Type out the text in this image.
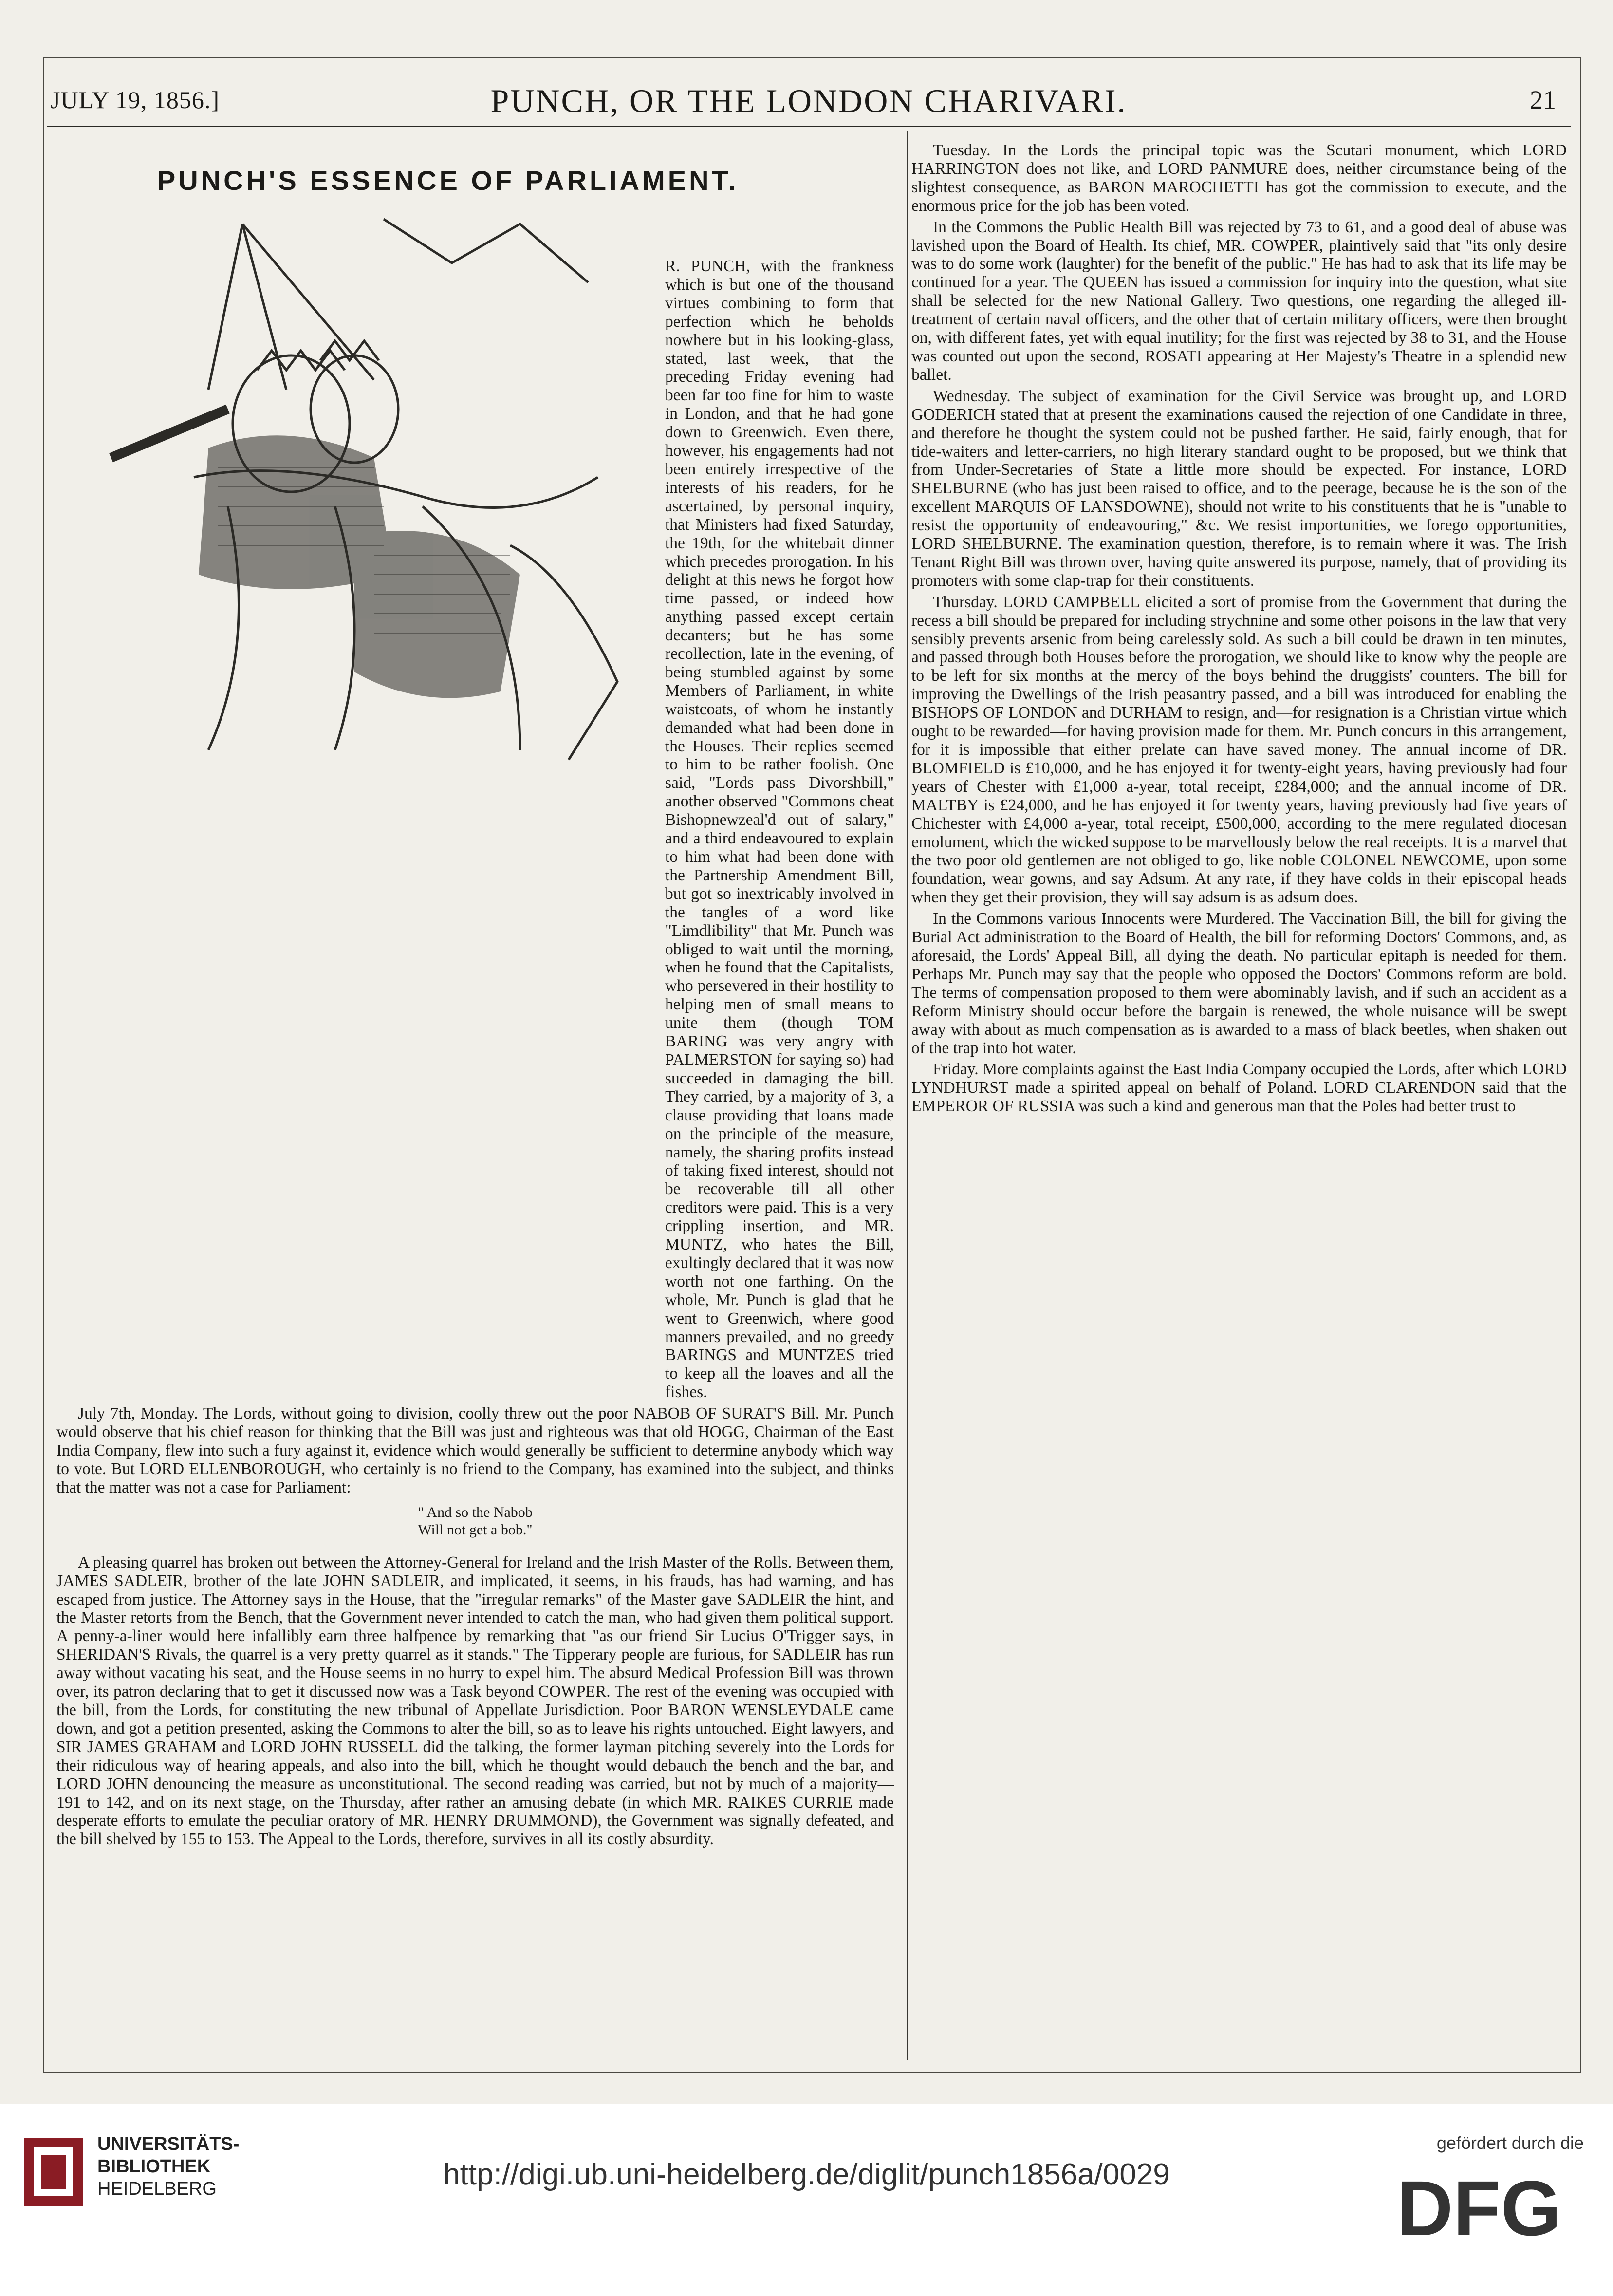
JULY 19, 1856.]	PUNCH, OR THE LONDON CHARIVARI.	21
PUNCH'S ESSENCE OF PARLIAMENT.

R. PUNCH, with the frankness which is but one of the thousand virtues combining to form that perfection which he beholds nowhere but in his looking-glass, stated, last week, that the preceding Friday evening had been far too fine for him to waste in London, and that he had gone down to Greenwich. Even there, however, his engagements had not been entirely irrespective of the interests of his readers, for he ascertained, by personal inquiry, that Ministers had fixed Saturday, the 19th, for the whitebait dinner which precedes prorogation. In his delight at this news he forgot how time passed, or indeed how anything passed except certain decanters; but he has some recollection, late in the evening, of being stumbled against by some Members of Parliament, in white waistcoats, of whom he instantly demanded what had been done in the Houses. Their replies seemed to him to be rather foolish. One said, "Lords pass Divorshbill," another observed "Commons cheat Bishopnewzeal'd out of salary," and a third endeavoured to explain to him what had been done with the Partnership Amendment Bill, but got so inextricably involved in the tangles of a word like "Limdlibility" that Mr. Punch was obliged to wait until the morning, when he found that the Capitalists, who persevered in their hostility to helping men of small means to unite them (though TOM BARING was very angry with PALMERSTON for saying so) had succeeded in damaging the bill. They carried, by a majority of 3, a clause providing that loans made on the principle of the measure, namely, the sharing profits instead of taking fixed interest, should not be recoverable till all other creditors were paid. This is a very crippling insertion, and MR. MUNTZ, who hates the Bill, exultingly declared that it was now worth not one farthing. On the whole, Mr. Punch is glad that he went to Greenwich, where good manners prevailed, and no greedy BARINGS and MUNTZES tried to keep all the loaves and all the fishes.

July 7th, Monday. The Lords, without going to division, coolly threw out the poor NABOB OF SURAT'S Bill. Mr. Punch would observe that his chief reason for thinking that the Bill was just and righteous was that old HOGG, Chairman of the East India Company, flew into such a fury against it, evidence which would generally be sufficient to determine anybody which way to vote. But LORD ELLENBOROUGH, who certainly is no friend to the Company, has examined into the subject, and thinks that the matter was not a case for Parliament:

" And so the Nabob
Will not get a bob."

A pleasing quarrel has broken out between the Attorney-General for Ireland and the Irish Master of the Rolls. Between them, JAMES SADLEIR, brother of the late JOHN SADLEIR, and implicated, it seems, in his frauds, has had warning, and has escaped from justice. The Attorney says in the House, that the "irregular remarks" of the Master gave SADLEIR the hint, and the Master retorts from the Bench, that the Government never intended to catch the man, who had given them political support. A penny-a-liner would here infallibly earn three halfpence by remarking that "as our friend Sir Lucius O'Trigger says, in SHERIDAN'S Rivals, the quarrel is a very pretty quarrel as it stands." The Tipperary people are furious, for SADLEIR has run away without vacating his seat, and the House seems in no hurry to expel him. The absurd Medical Profession Bill was thrown over, its patron declaring that to get it discussed now was a Task beyond COWPER. The rest of the evening was occupied with the bill, from the Lords, for constituting the new tribunal of Appellate Jurisdiction. Poor BARON WENSLEYDALE came down, and got a petition presented, asking the Commons to alter the bill, so as to leave his rights untouched. Eight lawyers, and SIR JAMES GRAHAM and LORD JOHN RUSSELL did the talking, the former layman pitching severely into the Lords for their ridiculous way of hearing appeals, and also into the bill, which he thought would debauch the bench and the bar, and LORD JOHN denouncing the measure as unconstitutional. The second reading was carried, but not by much of a majority—191 to 142, and on its next stage, on the Thursday, after rather an amusing debate (in which MR. RAIKES CURRIE made desperate efforts to emulate the peculiar oratory of MR. HENRY DRUMMOND), the Government was signally defeated, and the bill shelved by 155 to 153. The Appeal to the Lords, therefore, survives in all its costly absurdity.

Tuesday. In the Lords the principal topic was the Scutari monument, which LORD HARRINGTON does not like, and LORD PANMURE does, neither circumstance being of the slightest consequence, as BARON MAROCHETTI has got the commission to execute, and the enormous price for the job has been voted.

In the Commons the Public Health Bill was rejected by 73 to 61, and a good deal of abuse was lavished upon the Board of Health. Its chief, MR. COWPER, plaintively said that "its only desire was to do some work (laughter) for the benefit of the public." He has had to ask that its life may be continued for a year. The QUEEN has issued a commission for inquiry into the question, what site shall be selected for the new National Gallery. Two questions, one regarding the alleged ill-treatment of certain naval officers, and the other that of certain military officers, were then brought on, with different fates, yet with equal inutility; for the first was rejected by 38 to 31, and the House was counted out upon the second, ROSATI appearing at Her Majesty's Theatre in a splendid new ballet.

Wednesday. The subject of examination for the Civil Service was brought up, and LORD GODERICH stated that at present the examinations caused the rejection of one Candidate in three, and therefore he thought the system could not be pushed farther. He said, fairly enough, that for tide-waiters and letter-carriers, no high literary standard ought to be proposed, but we think that from Under-Secretaries of State a little more should be expected. For instance, LORD SHELBURNE (who has just been raised to office, and to the peerage, because he is the son of the excellent MARQUIS OF LANSDOWNE), should not write to his constituents that he is "unable to resist the opportunity of endeavouring," &c. We resist importunities, we forego opportunities, LORD SHELBURNE. The examination question, therefore, is to remain where it was. The Irish Tenant Right Bill was thrown over, having quite answered its purpose, namely, that of providing its promoters with some clap-trap for their constituents.

Thursday. LORD CAMPBELL elicited a sort of promise from the Government that during the recess a bill should be prepared for including strychnine and some other poisons in the law that very sensibly prevents arsenic from being carelessly sold. As such a bill could be drawn in ten minutes, and passed through both Houses before the prorogation, we should like to know why the people are to be left for six months at the mercy of the boys behind the druggists' counters. The bill for improving the Dwellings of the Irish peasantry passed, and a bill was introduced for enabling the BISHOPS OF LONDON and DURHAM to resign, and—for resignation is a Christian virtue which ought to be rewarded—for having provision made for them. Mr. Punch concurs in this arrangement, for it is impossible that either prelate can have saved money. The annual income of DR. BLOMFIELD is £10,000, and he has enjoyed it for twenty-eight years, having previously had four years of Chester with £1,000 a-year, total receipt, £284,000; and the annual income of DR. MALTBY is £24,000, and he has enjoyed it for twenty years, having previously had five years of Chichester with £4,000 a-year, total receipt, £500,000, according to the mere regulated diocesan emolument, which the wicked suppose to be marvellously below the real receipts. It is a marvel that the two poor old gentlemen are not obliged to go, like noble COLONEL NEWCOME, upon some foundation, wear gowns, and say Adsum. At any rate, if they have colds in their episcopal heads when they get their provision, they will say adsum is as adsum does.

In the Commons various Innocents were Murdered. The Vaccination Bill, the bill for giving the Burial Act administration to the Board of Health, the bill for reforming Doctors' Commons, and, as aforesaid, the Lords' Appeal Bill, all dying the death. No particular epitaph is needed for them. Perhaps Mr. Punch may say that the people who opposed the Doctors' Commons reform are bold. The terms of compensation proposed to them were abominably lavish, and if such an accident as a Reform Ministry should occur before the bargain is renewed, the whole nuisance will be swept away with about as much compensation as is awarded to a mass of black beetles, when shaken out of the trap into hot water.

Friday. More complaints against the East India Company occupied the Lords, after which LORD LYNDHURST made a spirited appeal on behalf of Poland. LORD CLARENDON said that the EMPEROR OF RUSSIA was such a kind and generous man that the Poles had better trust to

UNIVERSITÄTS-
BIBLIOTHEK
HEIDELBERG	http://digi.ub.uni-heidelberg.de/diglit/punch1856a/0029
gefördert durch die
DFG
